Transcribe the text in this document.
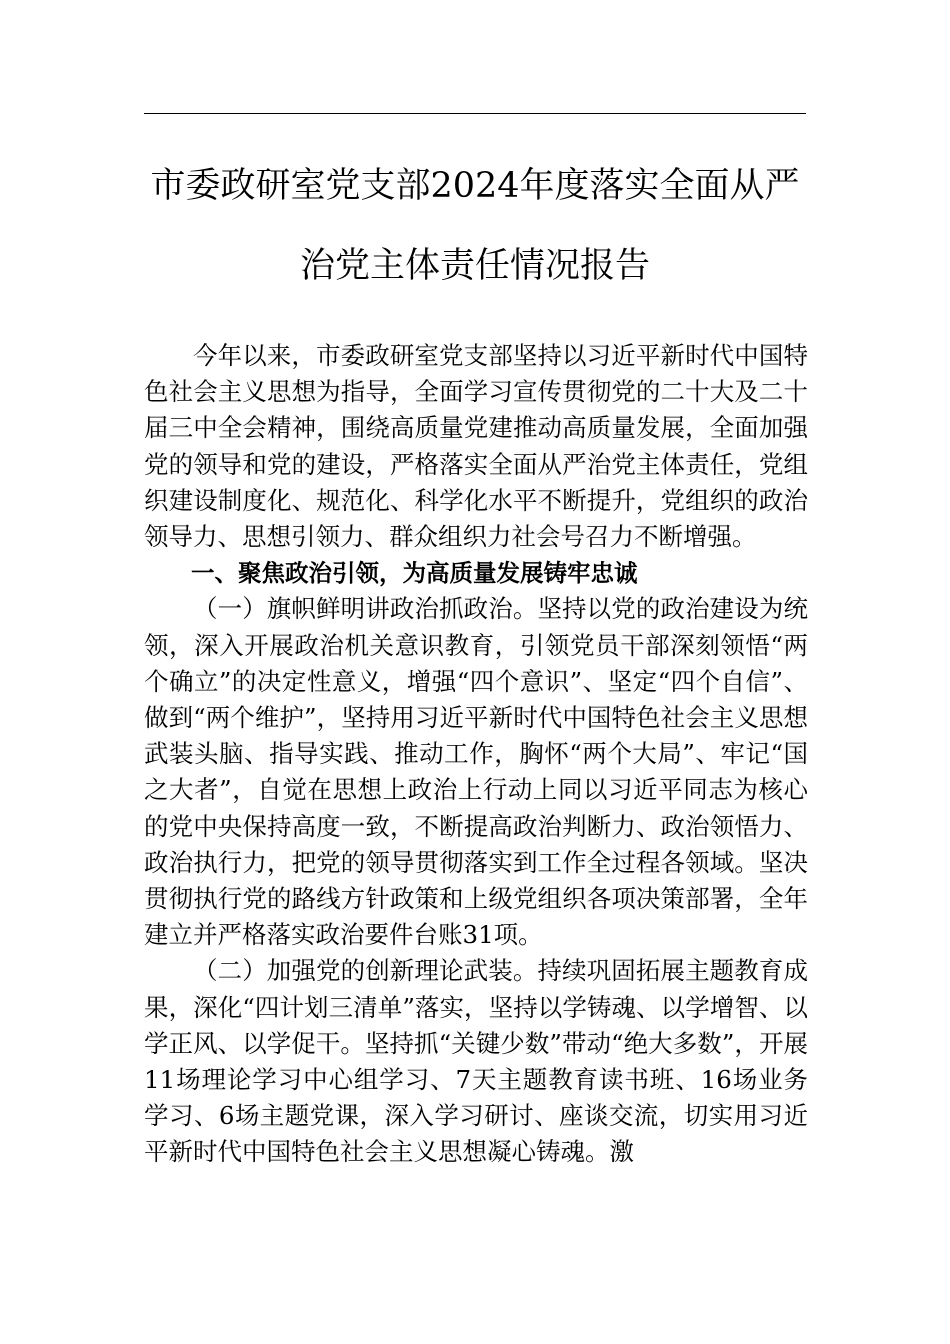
市委政研室党支部2024年度落实全面从严
治党主体责任情况报告

今年以来，市委政研室党支部坚持以习近平新时代中国特色社会主义思想为指导，全面学习宣传贯彻党的二十大及二十届三中全会精神，围绕高质量党建推动高质量发展，全面加强党的领导和党的建设，严格落实全面从严治党主体责任，党组织建设制度化、规范化、科学化水平不断提升，党组织的政治领导力、思想引领力、群众组织力社会号召力不断增强。

一、聚焦政治引领，为高质量发展铸牢忠诚

（一）旗帜鲜明讲政治抓政治。坚持以党的政治建设为统领，深入开展政治机关意识教育，引领党员干部深刻领悟“两个确立”的决定性意义，增强“四个意识”、坚定“四个自信”、做到“两个维护”，坚持用习近平新时代中国特色社会主义思想武装头脑、指导实践、推动工作，胸怀“两个大局”、牢记“国之大者”，自觉在思想上政治上行动上同以习近平同志为核心的党中央保持高度一致，不断提高政治判断力、政治领悟力、政治执行力，把党的领导贯彻落实到工作全过程各领域。坚决贯彻执行党的路线方针政策和上级党组织各项决策部署，全年建立并严格落实政治要件台账31项。

（二）加强党的创新理论武装。持续巩固拓展主题教育成果，深化“四计划三清单”落实，坚持以学铸魂、以学增智、以学正风、以学促干。坚持抓“关键少数”带动“绝大多数”，开展11场理论学习中心组学习、7天主题教育读书班、16场业务学习、6场主题党课，深入学习研讨、座谈交流，切实用习近平新时代中国特色社会主义思想凝心铸魂。激
